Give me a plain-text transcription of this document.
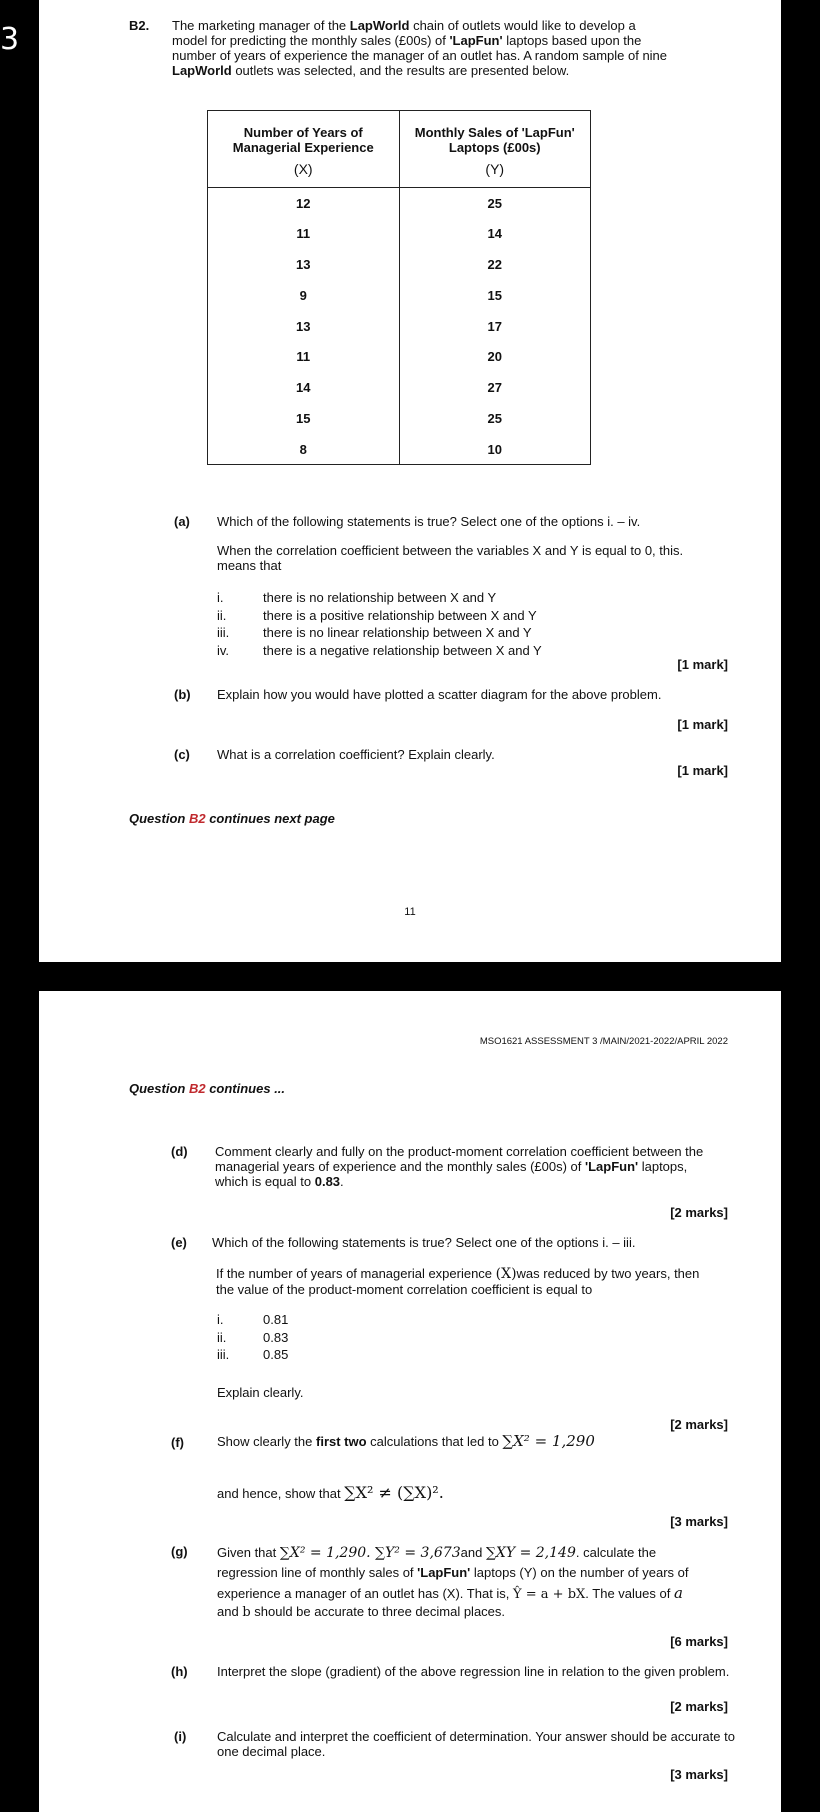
3	B2. The marketing manager of the LapWorld chain of outlets would like to develop a model for predicting the monthly sales (£00s) of 'LapFun' laptops based upon the number of years of experience the manager of an outlet has. A random sample of nine LapWorld outlets was selected, and the results are presented below.
Number of Years of Managerial Experience	Monthly Sales of 'LapFun' Laptops (£00s)
(X)	(Y)
12	25
11	14
13	22
9	15
13	17
11	20
14	27
15	25
8	10
(a) Which of the following statements is true? Select one of the options i. – iv.
When the correlation coefficient between the variables X and Y is equal to 0, this. means that
i.	there is no relationship between X and Y
ii.	there is a positive relationship between X and Y
iii.	there is no linear relationship between X and Y
iv.	there is a negative relationship between X and Y
[1 mark]
(b) Explain how you would have plotted a scatter diagram for the above problem.
[1 mark]
(c) What is a correlation coefficient? Explain clearly.
[1 mark]
Question B2 continues next page
11
MSO1621 ASSESSMENT 3 /MAIN/2021-2022/APRIL 2022
Question B2 continues ...
(d) Comment clearly and fully on the product-moment correlation coefficient between the managerial years of experience and the monthly sales (£00s) of 'LapFun' laptops, which is equal to 0.83.
[2 marks]
(e) Which of the following statements is true? Select one of the options i. – iii.
If the number of years of managerial experience (X)was reduced by two years, then the value of the product-moment correlation coefficient is equal to
i.	0.81
ii.	0.83
iii.	0.85
Explain clearly.
[2 marks]
(f)	Show clearly the first two calculations that led to ∑X² = 1,290
and hence, show that ∑X² ≠ (∑X)².
[3 marks]
(g) Given that ∑X² = 1,290. ∑Y² = 3,673and ∑XY = 2,149. calculate the
regression line of monthly sales of 'LapFun' laptops (Y) on the number of years of
experience a manager of an outlet has (X). That is, Ŷ = a + bX. The values of a
and b should be accurate to three decimal places.
[6 marks]
(h) Interpret the slope (gradient) of the above regression line in relation to the given problem.
[2 marks]
(i) Calculate and interpret the coefficient of determination. Your answer should be accurate to one decimal place.
[3 marks]
